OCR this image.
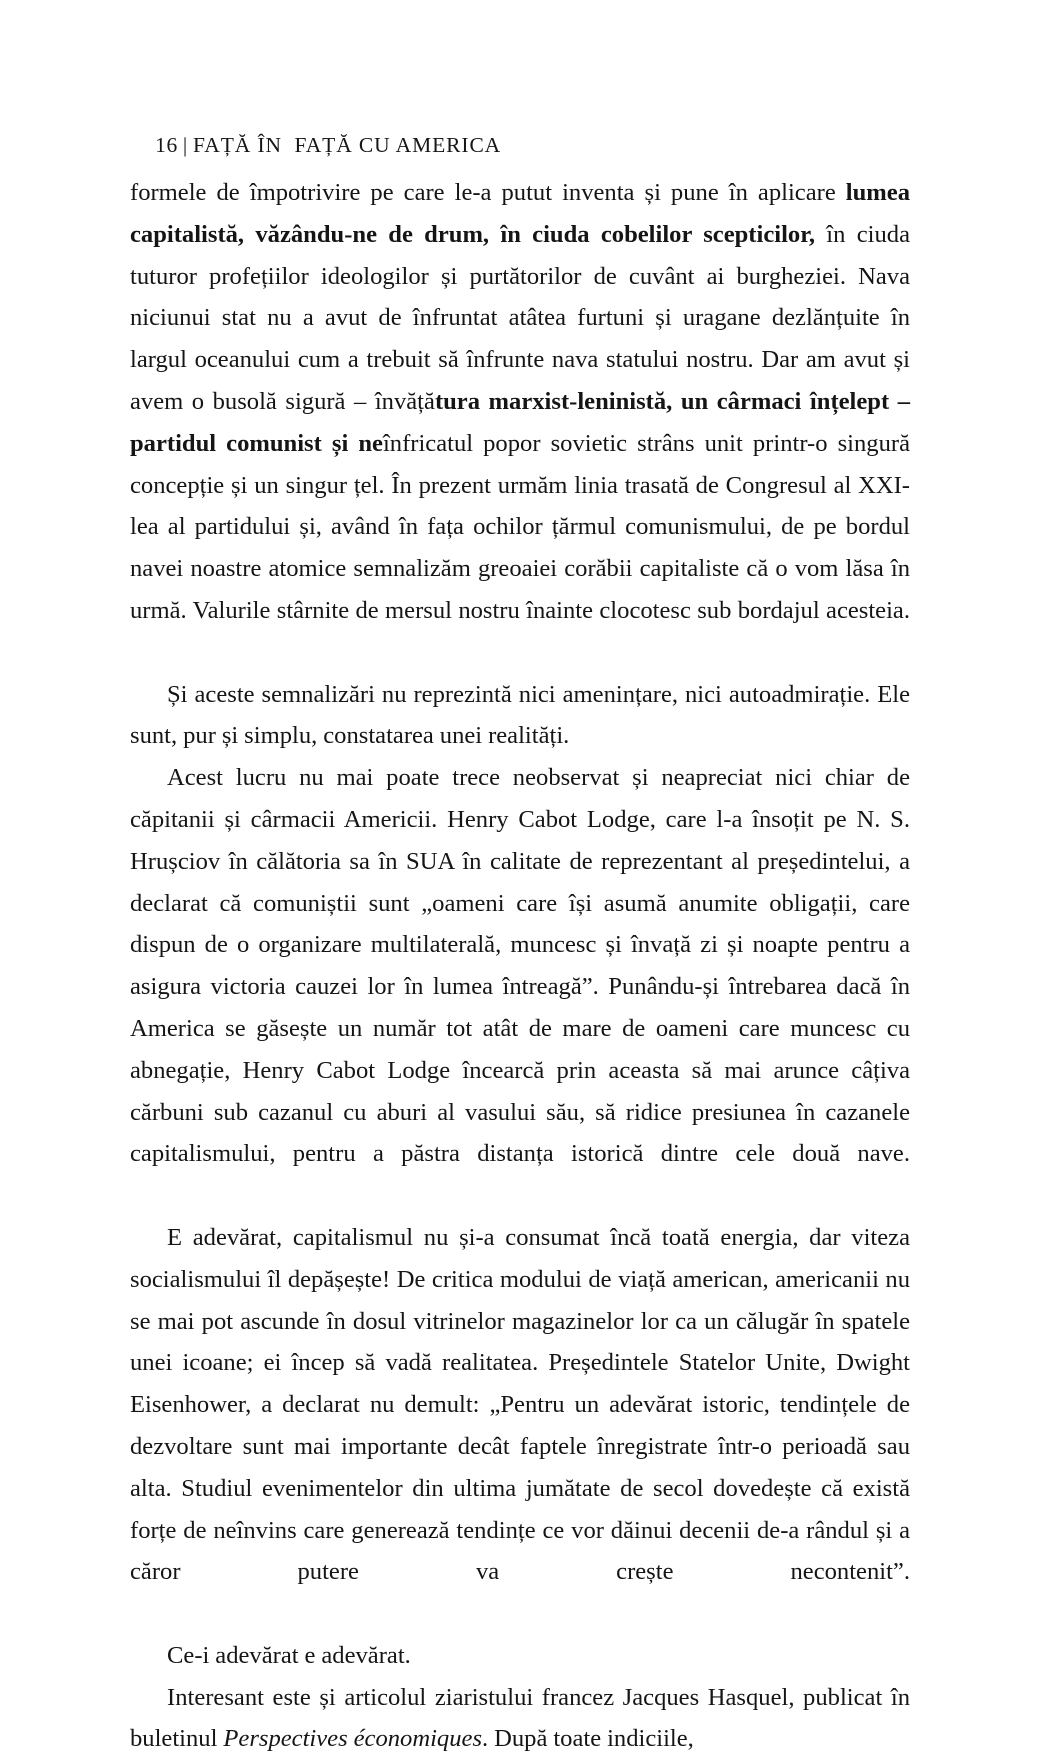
16 | FAȚĂ ÎN  FAȚĂ CU AMERICA

formele de împotrivire pe care le-a putut inventa și pune în aplicare lumea capitalistă, văzându-ne de drum, în ciuda cobelilor scepticilor, în ciuda tuturor profețiilor ideologilor și purtătorilor de cuvânt ai burgheziei. Nava niciunui stat nu a avut de înfruntat atâtea furtuni și uragane dezlănțuite în largul oceanului cum a trebuit să înfrunte nava statului nostru. Dar am avut și avem o busolă sigură – învățătura marxist-leninistă, un cârmaci înțelept – partidul comunist și neînfricatul popor sovietic strâns unit printr-o singură concepție și un singur țel. În prezent urmăm linia trasată de Congresul al XXI-lea al partidului și, având în fața ochilor țărmul comunismului, de pe bordul navei noastre atomice semnalizăm greoaiei corăbii capitaliste că o vom lăsa în urmă. Valurile stârnite de mersul nostru înainte clocotesc sub bordajul acesteia.

Și aceste semnalizări nu reprezintă nici amenințare, nici autoadmirație. Ele sunt, pur și simplu, constatarea unei realități.

Acest lucru nu mai poate trece neobservat și neapreciat nici chiar de căpitanii și cârmacii Americii. Henry Cabot Lodge, care l-a însoțit pe N. S. Hrușciov în călătoria sa în SUA în calitate de reprezentant al președintelui, a declarat că comuniștii sunt „oameni care își asumă anumite obligații, care dispun de o organizare multilaterală, muncesc și învață zi și noapte pentru a asigura victoria cauzei lor în lumea întreagă”. Punându-și întrebarea dacă în America se găsește un număr tot atât de mare de oameni care muncesc cu abnegație, Henry Cabot Lodge încearcă prin aceasta să mai arunce câțiva cărbuni sub cazanul cu aburi al vasului său, să ridice presiunea în cazanele capitalismului, pentru a păstra distanța istorică dintre cele două nave.

E adevărat, capitalismul nu și-a consumat încă toată energia, dar viteza socialismului îl depășește! De critica modului de viață american, americanii nu se mai pot ascunde în dosul vitrinelor magazinelor lor ca un călugăr în spatele unei icoane; ei încep să vadă realitatea. Președintele Statelor Unite, Dwight Eisenhower, a declarat nu demult: „Pentru un adevărat istoric, tendințele de dezvoltare sunt mai importante decât faptele înregistrate într-o perioadă sau alta. Studiul evenimentelor din ultima jumătate de secol dovedește că există forțe de neînvins care generează tendințe ce vor dăinui decenii de-a rândul și a căror putere va crește necontenit”.

Ce-i adevărat e adevărat.

Interesant este și articolul ziaristului francez Jacques Hasquel, publicat în buletinul Perspectives économiques. După toate indiciile,
